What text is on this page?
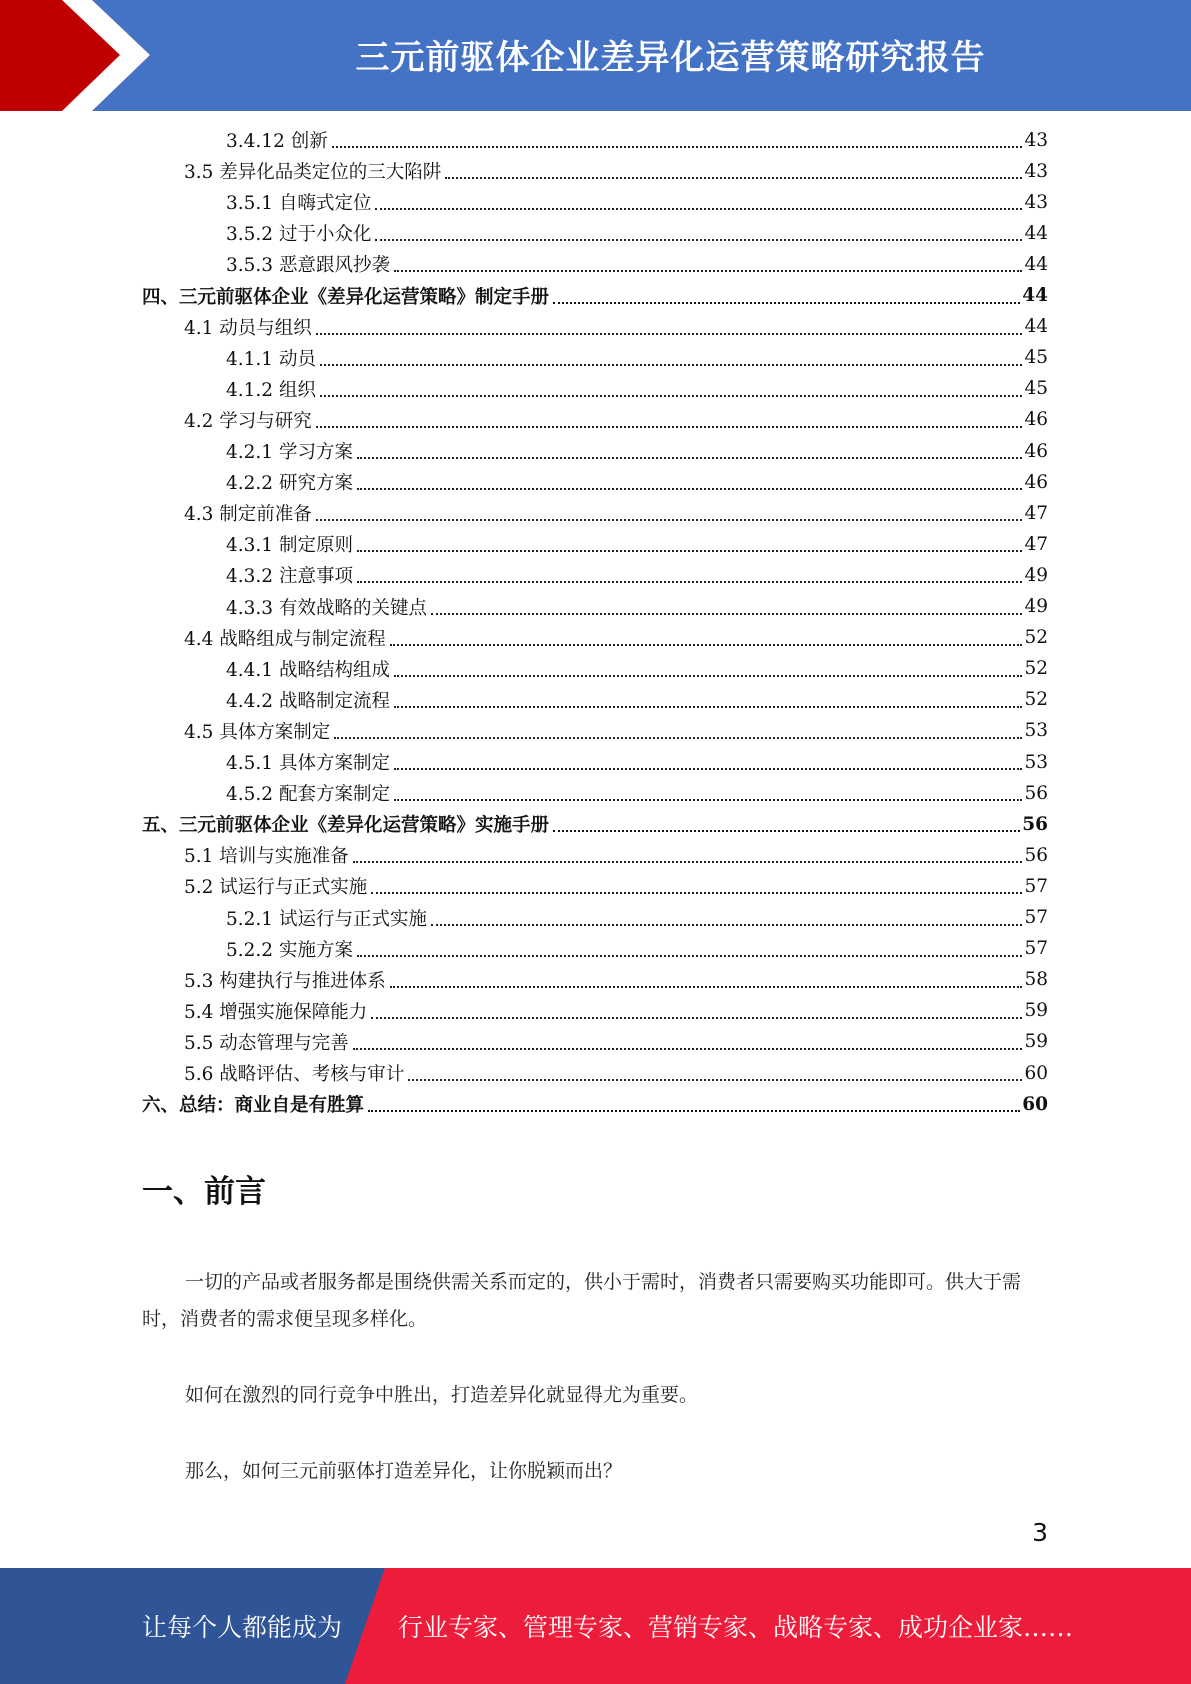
三元前驱体企业差异化运营策略研究报告
3.4.12 创新	43
3.5 差异化品类定位的三大陷阱	43
3.5.1 自嗨式定位	43
3.5.2 过于小众化	44
3.5.3 恶意跟风抄袭	44
四、三元前驱体企业《差异化运营策略》制定手册	44
4.1 动员与组织	44
4.1.1 动员	45
4.1.2 组织	45
4.2 学习与研究	46
4.2.1 学习方案	46
4.2.2 研究方案	46
4.3 制定前准备	47
4.3.1 制定原则	47
4.3.2 注意事项	49
4.3.3 有效战略的关键点	49
4.4 战略组成与制定流程	52
4.4.1 战略结构组成	52
4.4.2 战略制定流程	52
4.5 具体方案制定	53
4.5.1 具体方案制定	53
4.5.2 配套方案制定	56
五、三元前驱体企业《差异化运营策略》实施手册	56
5.1 培训与实施准备	56
5.2 试运行与正式实施	57
5.2.1 试运行与正式实施	57
5.2.2 实施方案	57
5.3 构建执行与推进体系	58
5.4 增强实施保障能力	59
5.5 动态管理与完善	59
5.6 战略评估、考核与审计	60
六、总结：商业自是有胜算	60
一、前言
一切的产品或者服务都是围绕供需关系而定的，供小于需时，消费者只需要购买功能即可。供大于需时，消费者的需求便呈现多样化。
如何在激烈的同行竞争中胜出，打造差异化就显得尤为重要。
那么，如何三元前驱体打造差异化，让你脱颖而出？
3
让每个人都能成为 行业专家、管理专家、营销专家、战略专家、成功企业家……
